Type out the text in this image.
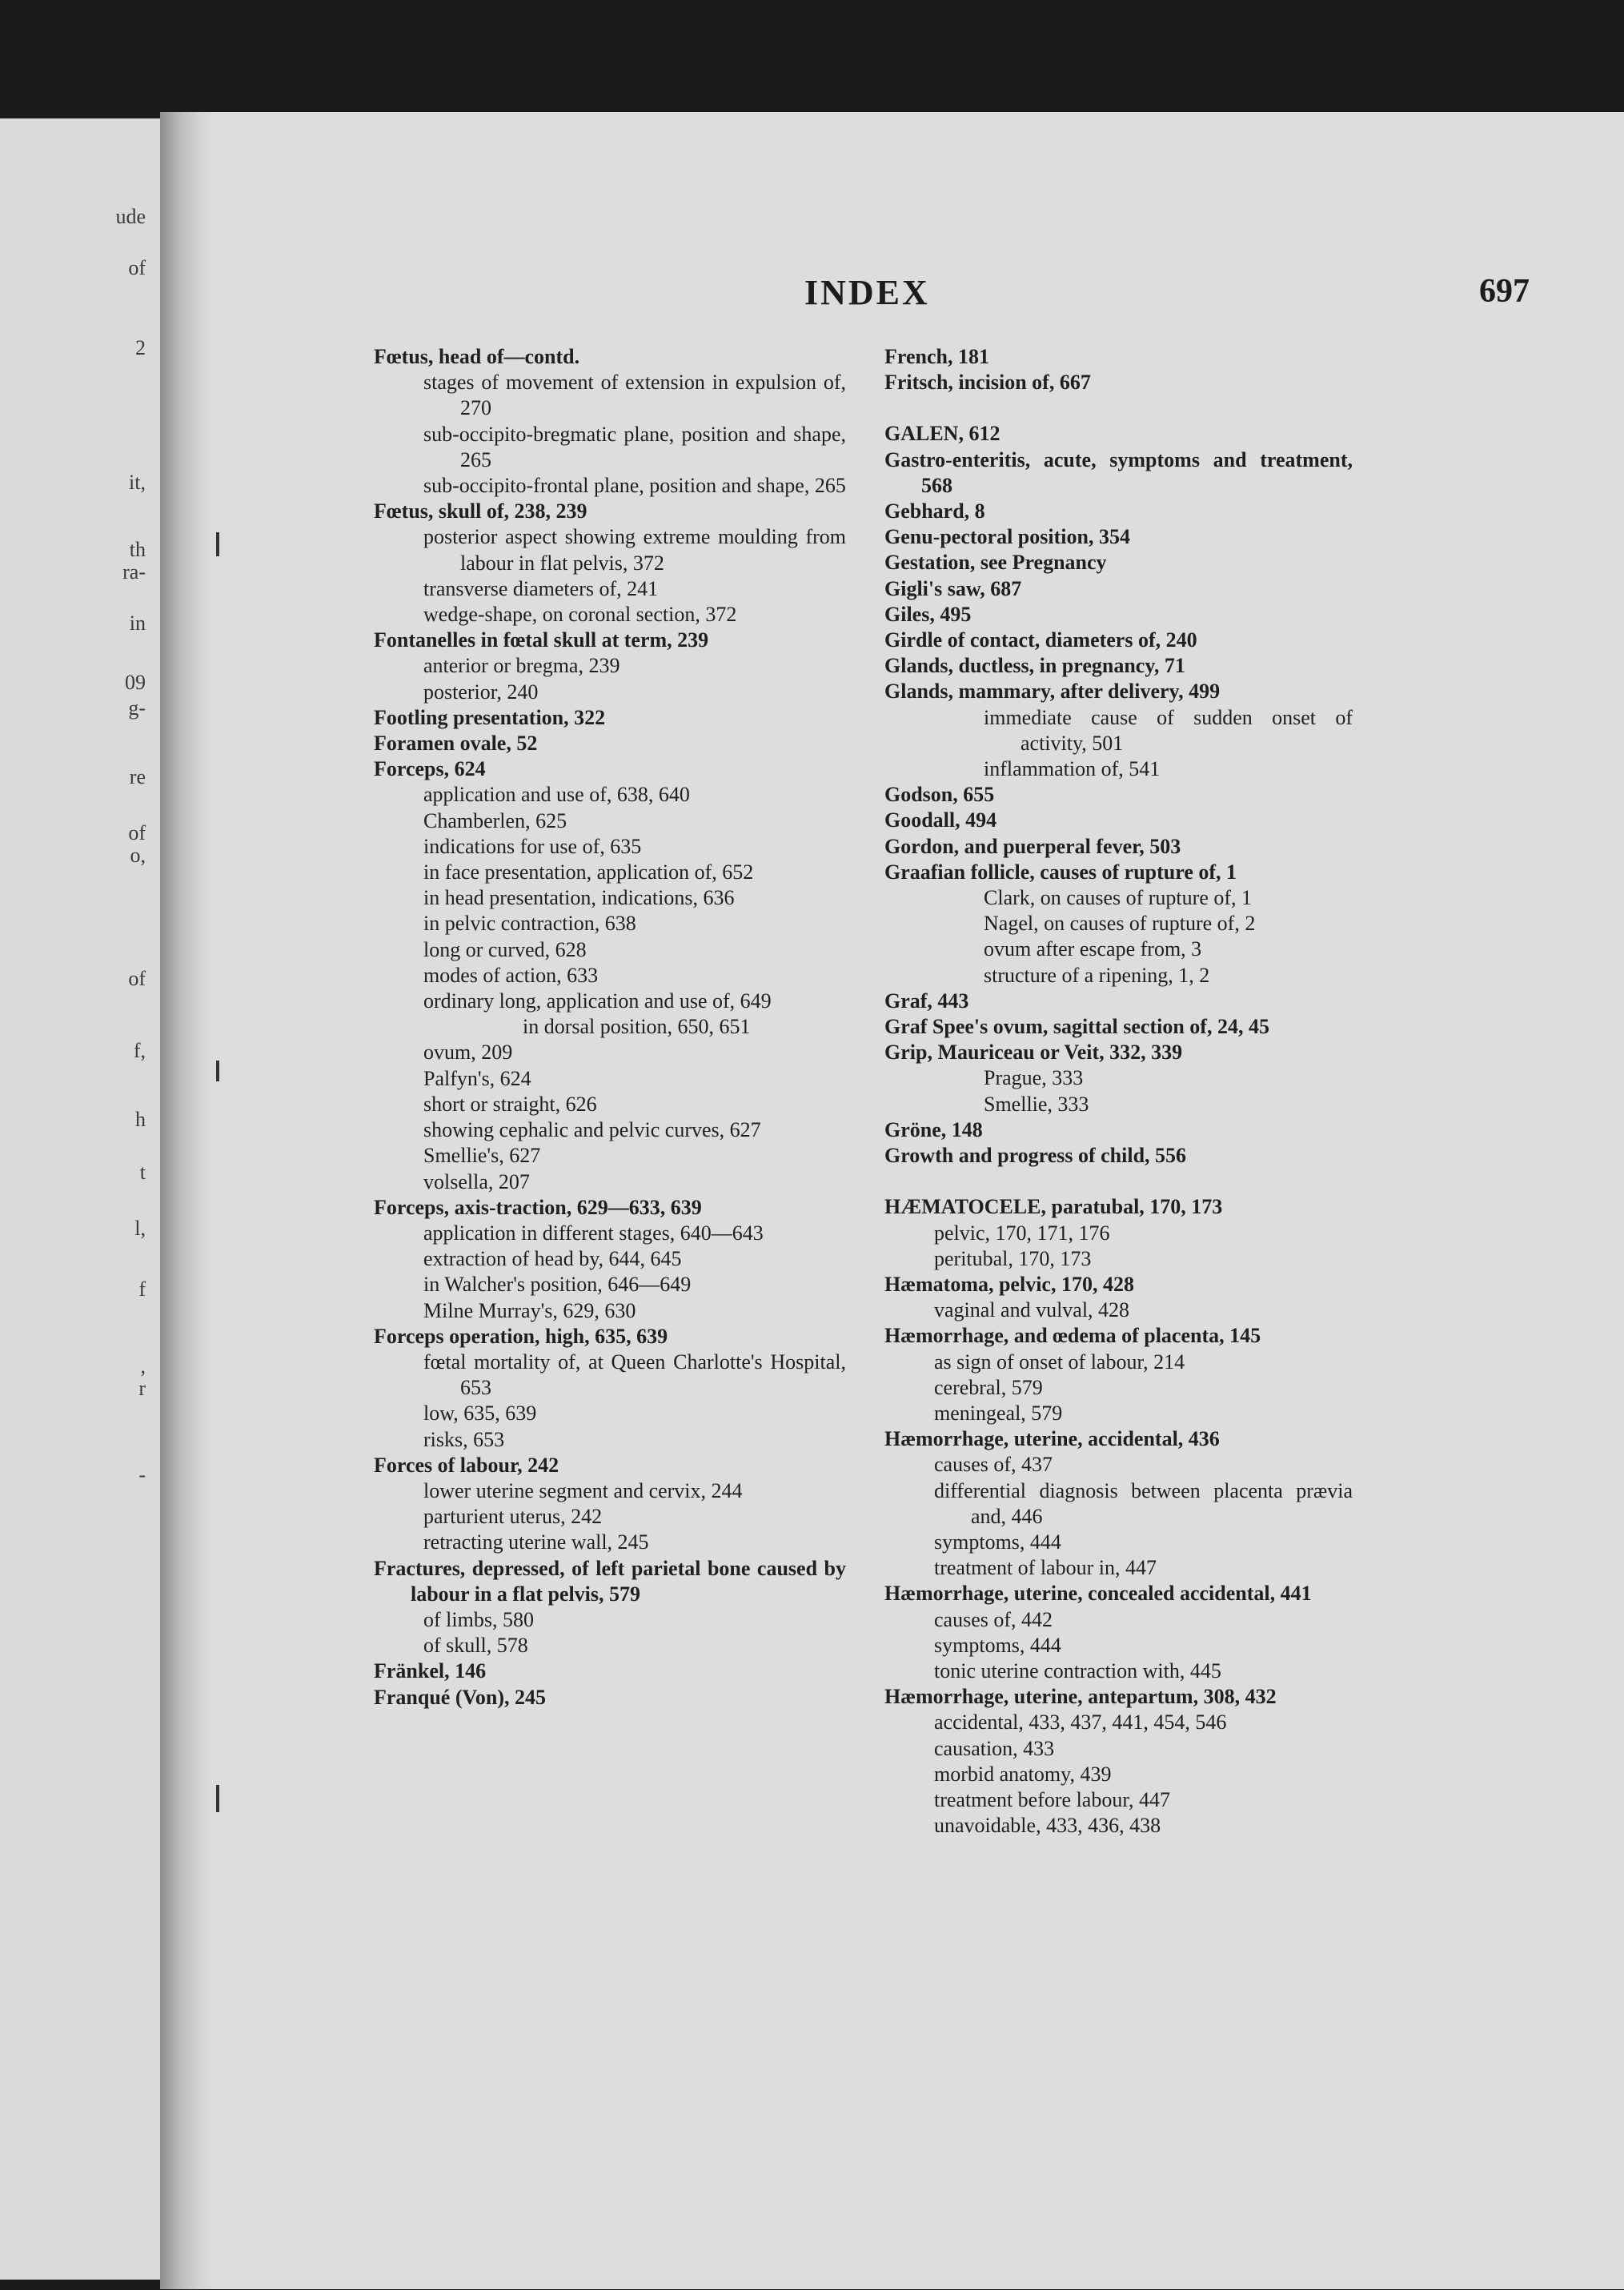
ude
of
2
it,
th
ra-
in
09
g-
re
of
o,
of
f,
h
t
l,
f
,
r
-
INDEX	697
Fœtus, head of—contd.
stages of movement of extension in expulsion of, 270
sub-occipito-bregmatic plane, position and shape, 265
sub-occipito-frontal plane, position and shape, 265
Fœtus, skull of, 238, 239
posterior aspect showing extreme moulding from labour in flat pelvis, 372
transverse diameters of, 241
wedge-shape, on coronal section, 372
Fontanelles in fœtal skull at term, 239
anterior or bregma, 239
posterior, 240
Footling presentation, 322
Foramen ovale, 52
Forceps, 624
application and use of, 638, 640
Chamberlen, 625
indications for use of, 635
in face presentation, application of, 652
in head presentation, indications, 636
in pelvic contraction, 638
long or curved, 628
modes of action, 633
ordinary long, application and use of, 649
in dorsal position, 650, 651
ovum, 209
Palfyn's, 624
short or straight, 626
showing cephalic and pelvic curves, 627
Smellie's, 627
volsella, 207
Forceps, axis-traction, 629—633, 639
application in different stages, 640—643
extraction of head by, 644, 645
in Walcher's position, 646—649
Milne Murray's, 629, 630
Forceps operation, high, 635, 639
fœtal mortality of, at Queen Charlotte's Hospital, 653
low, 635, 639
risks, 653
Forces of labour, 242
lower uterine segment and cervix, 244
parturient uterus, 242
retracting uterine wall, 245
Fractures, depressed, of left parietal bone caused by labour in a flat pelvis, 579
of limbs, 580
of skull, 578
Fränkel, 146
Franqué (Von), 245
French, 181
Fritsch, incision of, 667
GALEN, 612
Gastro-enteritis, acute, symptoms and treatment, 568
Gebhard, 8
Genu-pectoral position, 354
Gestation, see Pregnancy
Gigli's saw, 687
Giles, 495
Girdle of contact, diameters of, 240
Glands, ductless, in pregnancy, 71
Glands, mammary, after delivery, 499
immediate cause of sudden onset of activity, 501
inflammation of, 541
Godson, 655
Goodall, 494
Gordon, and puerperal fever, 503
Graafian follicle, causes of rupture of, 1
Clark, on causes of rupture of, 1
Nagel, on causes of rupture of, 2
ovum after escape from, 3
structure of a ripening, 1, 2
Graf, 443
Graf Spee's ovum, sagittal section of, 24, 45
Grip, Mauriceau or Veit, 332, 339
Prague, 333
Smellie, 333
Gröne, 148
Growth and progress of child, 556
HÆMATOCELE, paratubal, 170, 173
pelvic, 170, 171, 176
peritubal, 170, 173
Hæmatoma, pelvic, 170, 428
vaginal and vulval, 428
Hæmorrhage, and œdema of placenta, 145
as sign of onset of labour, 214
cerebral, 579
meningeal, 579
Hæmorrhage, uterine, accidental, 436
causes of, 437
differential diagnosis between placenta prævia and, 446
symptoms, 444
treatment of labour in, 447
Hæmorrhage, uterine, concealed accidental, 441
causes of, 442
symptoms, 444
tonic uterine contraction with, 445
Hæmorrhage, uterine, antepartum, 308, 432
accidental, 433, 437, 441, 454, 546
causation, 433
morbid anatomy, 439
treatment before labour, 447
unavoidable, 433, 436, 438
